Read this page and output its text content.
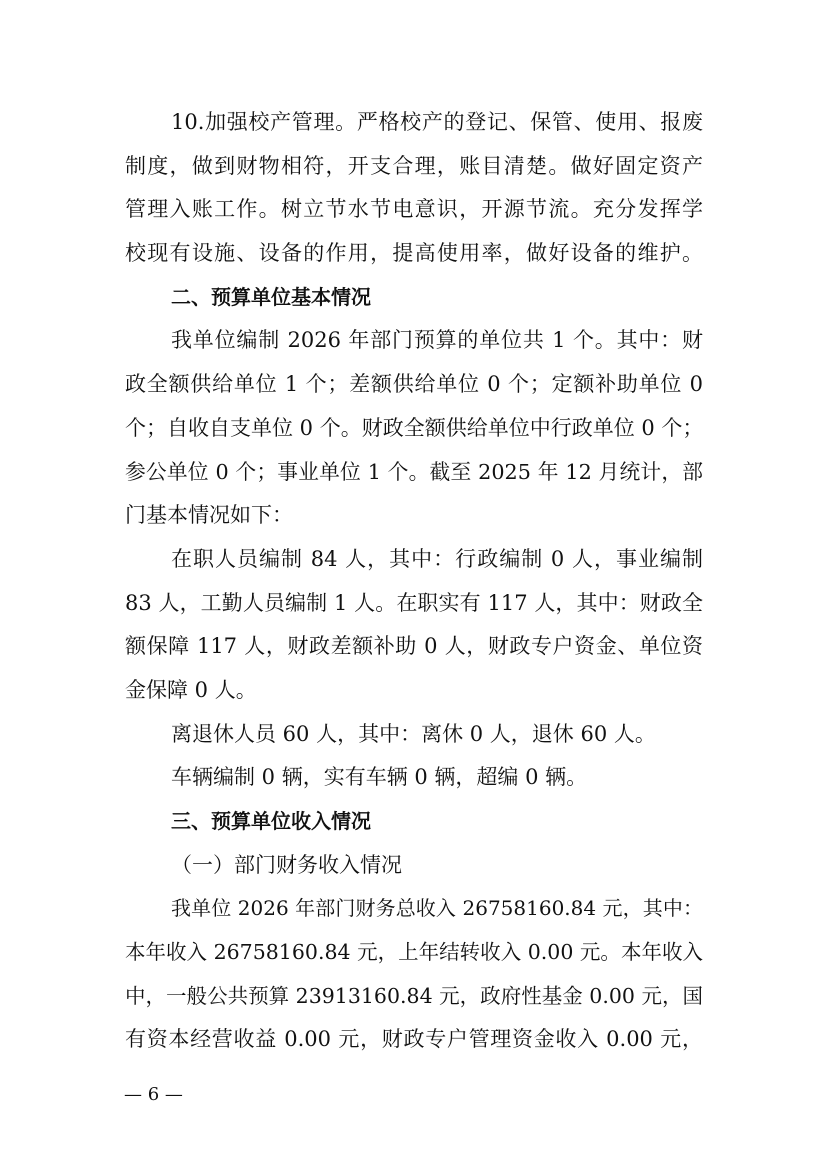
10.加强校产管理。严格校产的登记、保管、使用、报废
制度，做到财物相符，开支合理，账目清楚。做好固定资产
管理入账工作。树立节水节电意识，开源节流。充分发挥学
校现有设施、设备的作用，提高使用率，做好设备的维护。
二、预算单位基本情况
我单位编制 2026 年部门预算的单位共 1 个。其中：财
政全额供给单位 1 个；差额供给单位 0 个；定额补助单位 0
个；自收自支单位 0 个。财政全额供给单位中行政单位 0 个；
参公单位 0 个；事业单位 1 个。截至 2025 年 12 月统计，部
门基本情况如下：
在职人员编制 84 人，其中：行政编制 0 人，事业编制
83 人，工勤人员编制 1 人。在职实有 117 人，其中：财政全
额保障 117 人，财政差额补助 0 人，财政专户资金、单位资
金保障 0 人。
离退休人员 60 人，其中：离休 0 人，退休 60 人。
车辆编制 0 辆，实有车辆 0 辆，超编 0 辆。
三、预算单位收入情况
（一）部门财务收入情况
我单位 2026 年部门财务总收入 26758160.84 元，其中：
本年收入 26758160.84 元，上年结转收入 0.00 元。本年收入
中，一般公共预算 23913160.84 元，政府性基金 0.00 元，国
有资本经营收益 0.00 元，财政专户管理资金收入 0.00 元，
— 6 —
